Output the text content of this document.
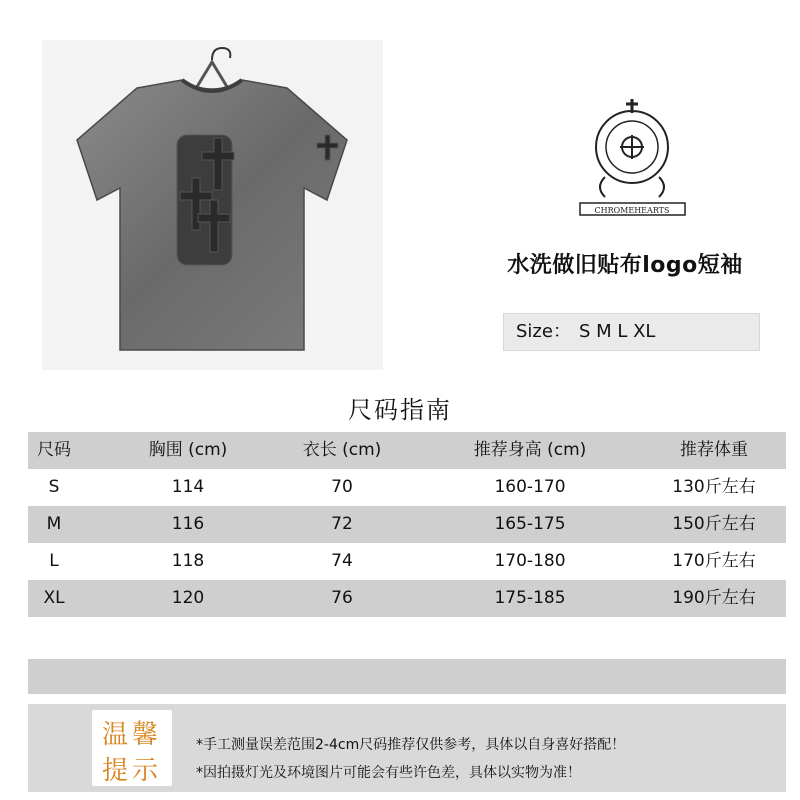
CHROMEHEARTS
水洗做旧贴布logo短袖
Size： S M L XL
尺码指南
尺码	胸围 (cm)	衣长 (cm)	推荐身高 (cm)	推荐体重
S	114	70	160-170	130斤左右
M	116	72	165-175	150斤左右
L	118	74	170-180	170斤左右
XL	120	76	175-185	190斤左右
温馨
提示
*手工测量误差范围2-4cm尺码推荐仅供参考，具体以自身喜好搭配！
*因拍摄灯光及环境图片可能会有些许色差，具体以实物为准！
